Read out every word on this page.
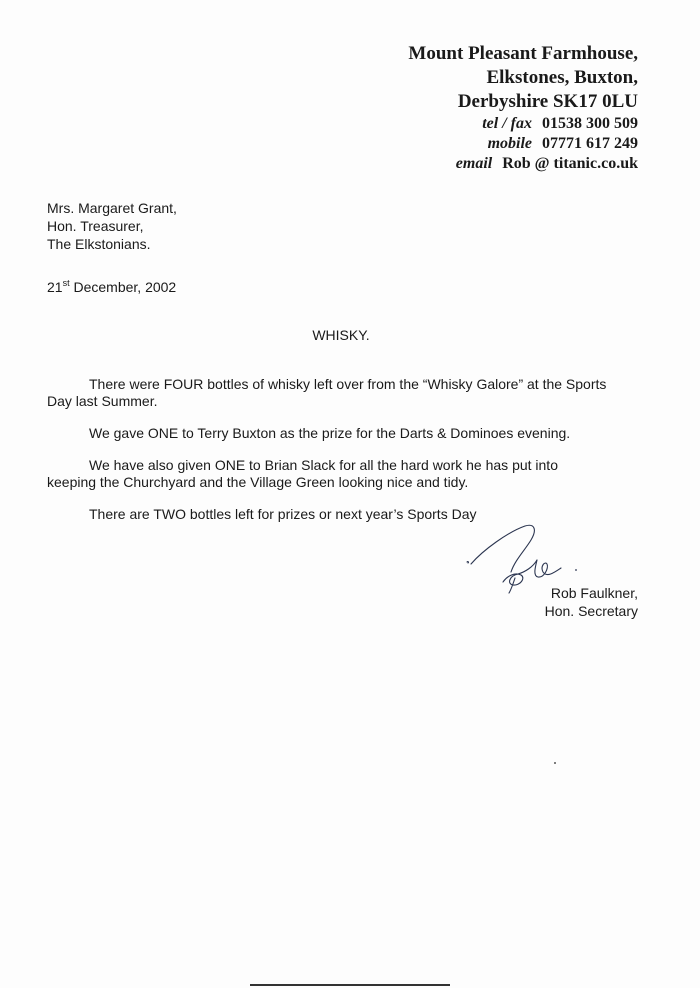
Mount Pleasant Farmhouse,
Elkstones, Buxton,
Derbyshire SK17 0LU
tel / fax 01538 300 509
mobile 07771 617 249
email Rob @ titanic.co.uk
Mrs. Margaret Grant,
Hon. Treasurer,
The Elkstonians.
21st December, 2002
WHISKY.

There were FOUR bottles of whisky left over from the “Whisky Galore” at the Sports Day last Summer.

We gave ONE to Terry Buxton as the prize for the Darts & Dominoes evening.

We have also given ONE to Brian Slack for all the hard work he has put into keeping the Churchyard and the Village Green looking nice and tidy.

There are TWO bottles left for prizes or next year’s Sports Day

Rob Faulkner,
Hon. Secretary
